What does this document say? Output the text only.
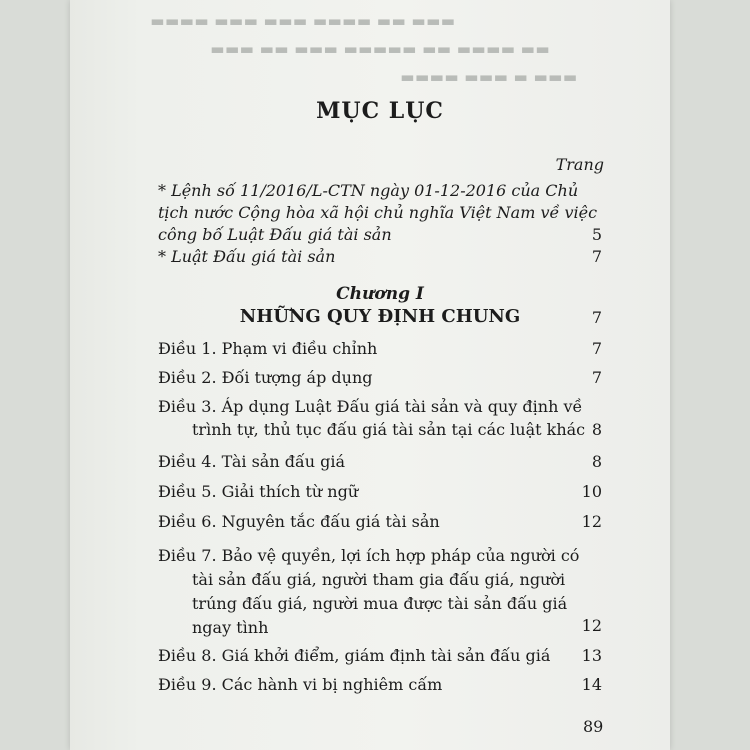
▬▬▬ ▬▬ ▬▬▬▬ ▬▬▬ ▬▬▬ ▬▬▬▬
▬▬ ▬▬▬▬ ▬▬ ▬▬▬▬▬ ▬▬▬ ▬▬ ▬▬▬
▬▬▬ ▬ ▬▬▬ ▬▬▬▬
MỤC LỤC
Trang
* Lệnh số 11/2016/L-CTN ngày 01-12-2016 của Chủ
tịch nước Cộng hòa xã hội chủ nghĩa Việt Nam về việc
công bố Luật Đấu giá tài sản	5
* Luật Đấu giá tài sản	7
Chương I
NHỮNG QUY ĐỊNH CHUNG	7
Điều 1. Phạm vi điều chỉnh	7
Điều 2. Đối tượng áp dụng	7
Điều 3. Áp dụng Luật Đấu giá tài sản và quy định về
trình tự, thủ tục đấu giá tài sản tại các luật khác 8
Điều 4. Tài sản đấu giá	8
Điều 5. Giải thích từ ngữ	10
Điều 6. Nguyên tắc đấu giá tài sản	12
Điều 7. Bảo vệ quyền, lợi ích hợp pháp của người có
tài sản đấu giá, người tham gia đấu giá, người
trúng đấu giá, người mua được tài sản đấu giá
ngay tình	12
Điều 8. Giá khởi điểm, giám định tài sản đấu giá	13
Điều 9. Các hành vi bị nghiêm cấm	14
89
